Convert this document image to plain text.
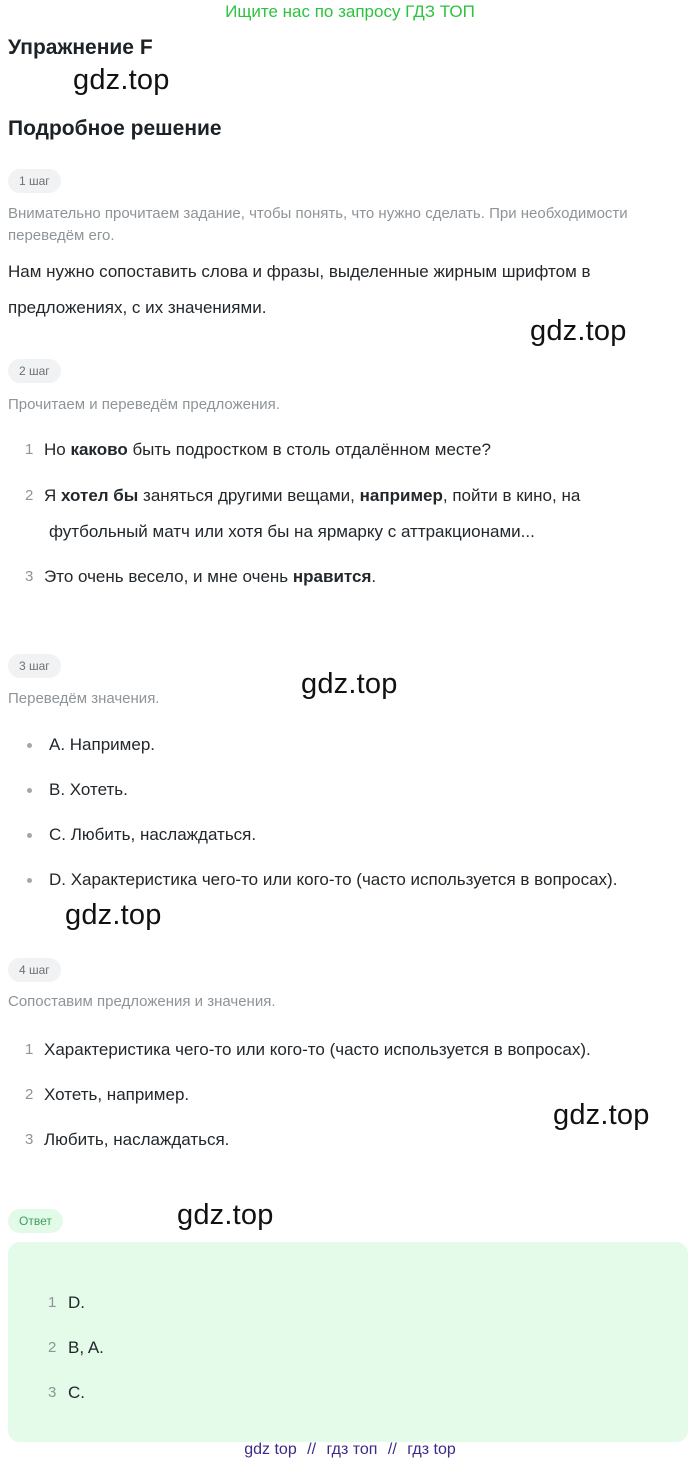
Ищите нас по запросу ГДЗ ТОП
Упражнение F
gdz.top
Подробное решение
1 шаг
Внимательно прочитаем задание, чтобы понять, что нужно сделать. При необходимости переведём его.
Нам нужно сопоставить слова и фразы, выделенные жирным шрифтом в
предложениях, с их значениями.
gdz.top
2 шаг
Прочитаем и переведём предложения.
1 Но каково быть подростком в столь отдалённом месте?
2 Я хотел бы заняться другими вещами, например, пойти в кино, на
футбольный матч или хотя бы на ярмарку с аттракционами...
3 Это очень весело, и мне очень нравится.
3 шаг
Переведём значения.	gdz.top
A. Например.
B. Хотеть.
C. Любить, наслаждаться.
D. Характеристика чего-то или кого-то (часто используется в вопросах).
gdz.top
4 шаг
Сопоставим предложения и значения.
1 Характеристика чего-то или кого-то (часто используется в вопросах).
2 Хотеть, например.
3 Любить, наслаждаться.
gdz.top
Ответ	gdz.top
1 D.
2 B, A.
3 C.
gdz top // гдз топ // гдз top
